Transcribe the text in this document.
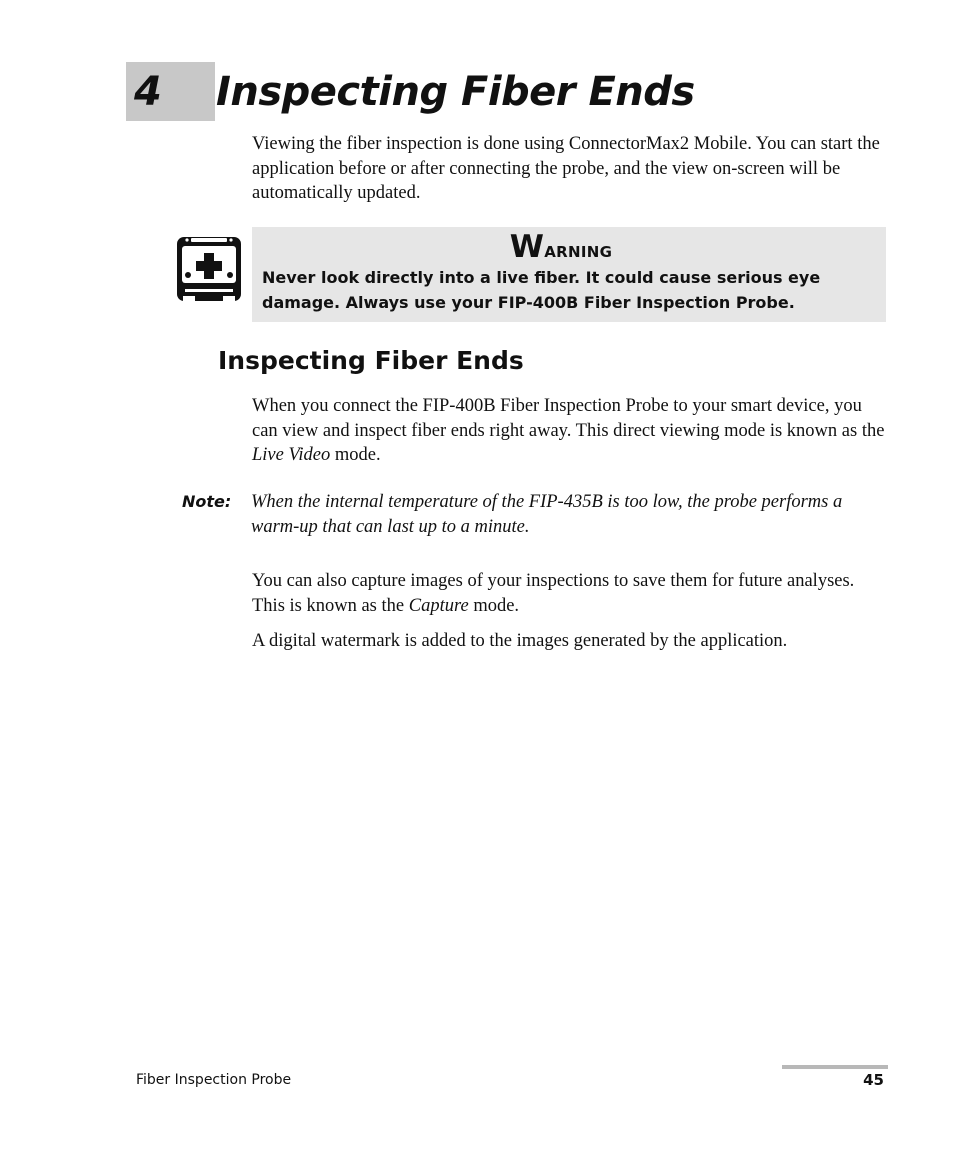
4 Inspecting Fiber Ends

Viewing the fiber inspection is done using ConnectorMax2 Mobile. You can start the application before or after connecting the probe, and the view on-screen will be automatically updated.

Warning

Never look directly into a live fiber. It could cause serious eye damage. Always use your FIP-400B Fiber Inspection Probe.

Inspecting Fiber Ends

When you connect the FIP-400B Fiber Inspection Probe to your smart device, you can view and inspect fiber ends right away. This direct viewing mode is known as the Live Video mode.

Note: When the internal temperature of the FIP-435B is too low, the probe performs a warm-up that can last up to a minute.

You can also capture images of your inspections to save them for future analyses. This is known as the Capture mode.

A digital watermark is added to the images generated by the application.

Fiber Inspection Probe	45
